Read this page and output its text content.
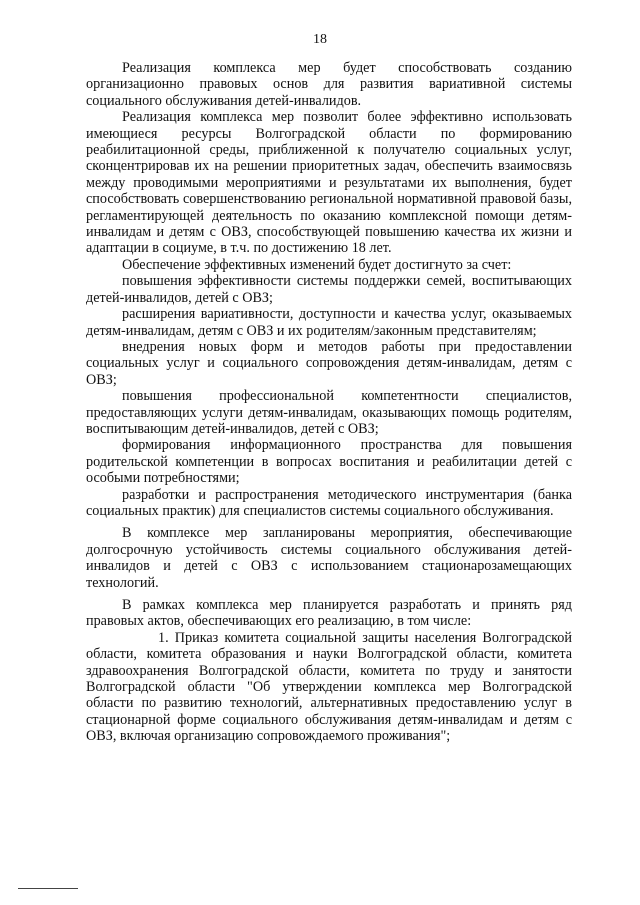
18

Реализация комплекса мер будет способствовать созданию организационно правовых основ для развития вариативной системы социального обслуживания детей-инвалидов.

Реализация комплекса мер позволит более эффективно использовать имеющиеся ресурсы Волгоградской области по формированию реабилитационной среды, приближенной к получателю социальных услуг, сконцентрировав их на решении приоритетных задач, обеспечить взаимосвязь между проводимыми мероприятиями и результатами их выполнения, будет способствовать совершенствованию региональной нормативной правовой базы, регламентирующей деятельность по оказанию комплексной помощи детям-инвалидам и детям с ОВЗ, способствующей повышению качества их жизни и адаптации в социуме, в т.ч. по достижению 18 лет.

Обеспечение эффективных изменений будет достигнуто за счет:

повышения эффективности системы поддержки семей, воспитывающих детей-инвалидов, детей с ОВЗ;

расширения вариативности, доступности и качества услуг, оказываемых детям-инвалидам, детям с ОВЗ и их родителям/законным представителям;

внедрения новых форм и методов работы при предоставлении социальных услуг и социального сопровождения детям-инвалидам, детям с ОВЗ;

повышения профессиональной компетентности специалистов, предоставляющих услуги детям-инвалидам, оказывающих помощь родителям, воспитывающим детей-инвалидов, детей с ОВЗ;

формирования информационного пространства для повышения родительской компетенции в вопросах воспитания и реабилитации детей с особыми потребностями;

разработки и распространения методического инструментария (банка социальных практик) для специалистов системы социального обслуживания.

В комплексе мер запланированы мероприятия, обеспечивающие долгосрочную устойчивость системы социального обслуживания детей-инвалидов и детей с ОВЗ с использованием стационарозамещающих технологий.

В рамках комплекса мер планируется разработать и принять ряд правовых актов, обеспечивающих его реализацию, в том числе:

1. Приказ комитета социальной защиты населения Волгоградской области, комитета образования и науки Волгоградской области, комитета здравоохранения Волгоградской области, комитета по труду и занятости Волгоградской области "Об утверждении комплекса мер Волгоградской области по развитию технологий, альтернативных предоставлению услуг в стационарной форме социального обслуживания детям-инвалидам и детям с ОВЗ, включая организацию сопровождаемого проживания";
